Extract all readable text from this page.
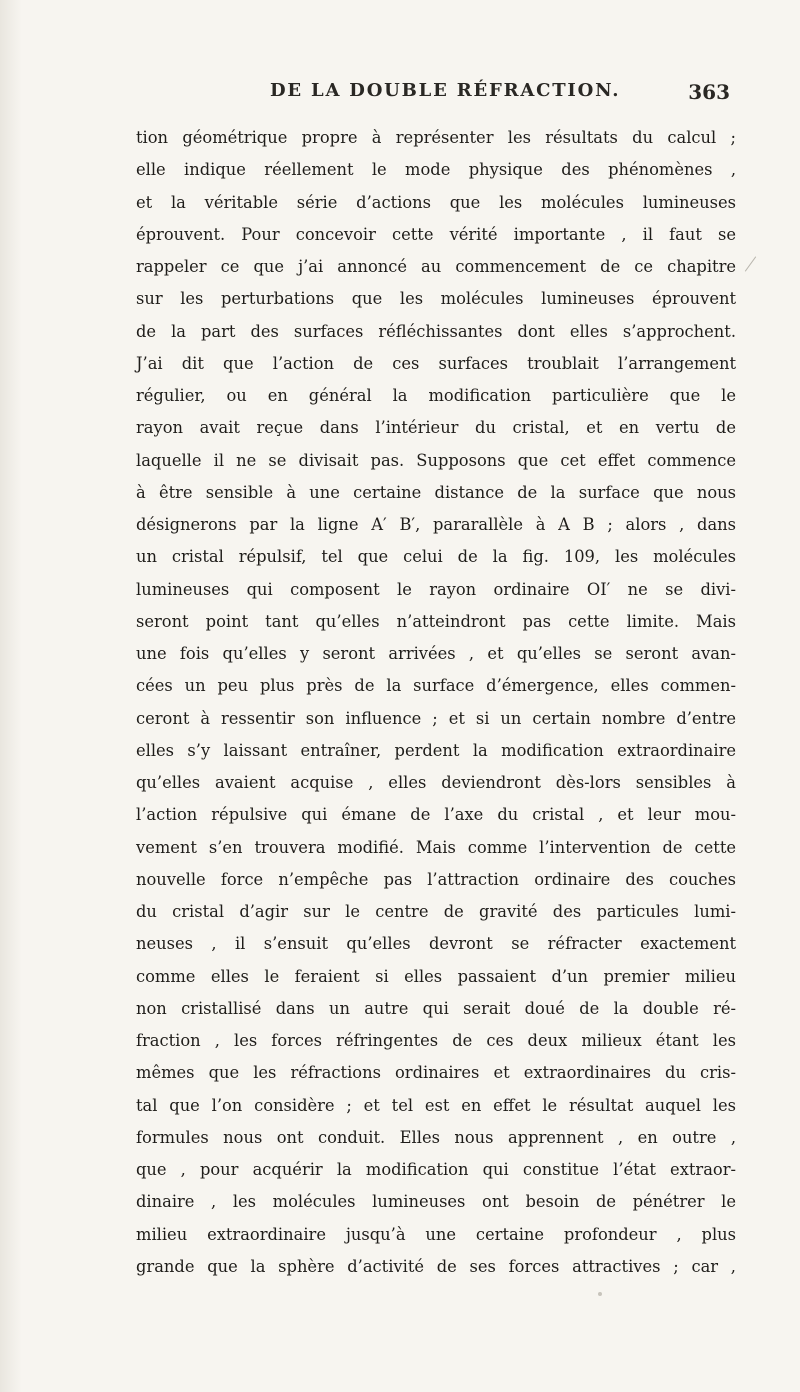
DE LA DOUBLE RÉFRACTION.	363
tion géométrique propre à représenter les résultats du calcul ;
elle indique réellement le mode physique des phénomènes ,
et la véritable série d’actions que les molécules lumineuses
éprouvent. Pour concevoir cette vérité importante , il faut se
rappeler ce que j’ai annoncé au commencement de ce chapitre
sur les perturbations que les molécules lumineuses éprouvent
de la part des surfaces réfléchissantes dont elles s’approchent.
J’ai dit que l’action de ces surfaces troublait l’arrangement
régulier, ou en général la modification particulière que le
rayon avait reçue dans l’intérieur du cristal, et en vertu de
laquelle il ne se divisait pas. Supposons que cet effet commence
à être sensible à une certaine distance de la surface que nous
désignerons par la ligne A′ B′, pararallèle à A B ; alors , dans
un cristal répulsif, tel que celui de la fig. 109, les molécules
lumineuses qui composent le rayon ordinaire OI′ ne se divi-
seront point tant qu’elles n’atteindront pas cette limite. Mais
une fois qu’elles y seront arrivées , et qu’elles se seront avan-
cées un peu plus près de la surface d’émergence, elles commen-
ceront à ressentir son influence ; et si un certain nombre d’entre
elles s’y laissant entraîner, perdent la modification extraordinaire
qu’elles avaient acquise , elles deviendront dès-lors sensibles à
l’action répulsive qui émane de l’axe du cristal , et leur mou-
vement s’en trouvera modifié. Mais comme l’intervention de cette
nouvelle force n’empêche pas l’attraction ordinaire des couches
du cristal d’agir sur le centre de gravité des particules lumi-
neuses , il s’ensuit qu’elles devront se réfracter exactement
comme elles le feraient si elles passaient d’un premier milieu
non cristallisé dans un autre qui serait doué de la double ré-
fraction , les forces réfringentes de ces deux milieux étant les
mêmes que les réfractions ordinaires et extraordinaires du cris-
tal que l’on considère ; et tel est en effet le résultat auquel les
formules nous ont conduit. Elles nous apprennent , en outre ,
que , pour acquérir la modification qui constitue l’état extraor-
dinaire , les molécules lumineuses ont besoin de pénétrer le
milieu extraordinaire jusqu’à une certaine profondeur , plus
grande que la sphère d’activité de ses forces attractives ; car ,
